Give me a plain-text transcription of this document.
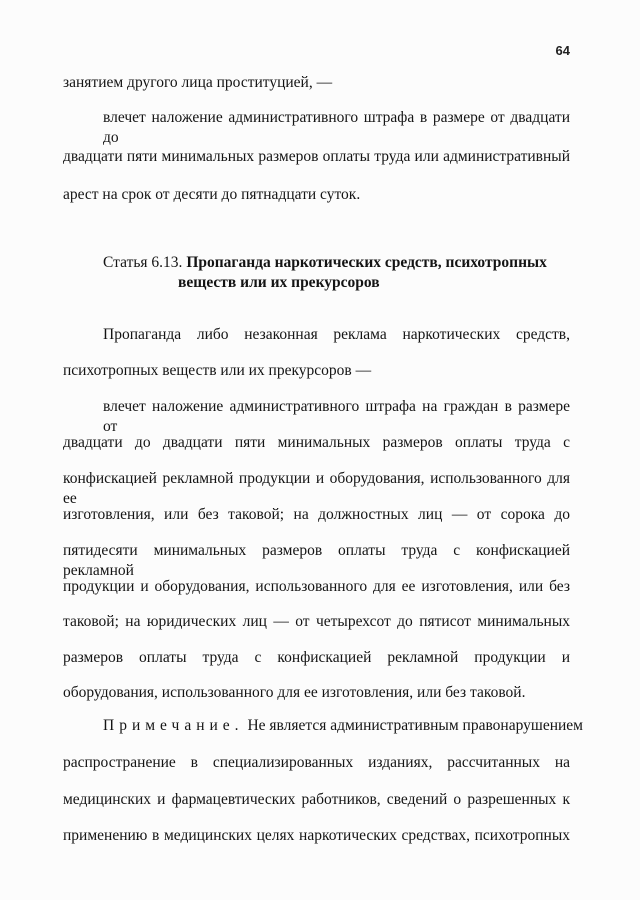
64

занятием другого лица проституцией, —

влечет наложение административного штрафа в размере от двадцати до

двадцати пяти минимальных размеров оплаты труда или административный

арест на срок от десяти до пятнадцати суток.

Статья 6.13. Пропаганда наркотических средств, психотропных

веществ или их прекурсоров

Пропаганда либо незаконная реклама наркотических средств,

психотропных веществ или их прекурсоров —

влечет наложение административного штрафа на граждан в размере от

двадцати до двадцати пяти минимальных размеров оплаты труда с

конфискацией рекламной продукции и оборудования, использованного для ее

изготовления, или без таковой; на должностных лиц — от сорока до

пятидесяти минимальных размеров оплаты труда с конфискацией рекламной

продукции и оборудования, использованного для ее изготовления, или без

таковой; на юридических лиц — от четырехсот до пятисот минимальных

размеров оплаты труда с конфискацией рекламной продукции и

оборудования, использованного для ее изготовления, или без таковой.

Примечание. Не является административным правонарушением

распространение в специализированных изданиях, рассчитанных на

медицинских и фармацевтических работников, сведений о разрешенных к

применению в медицинских целях наркотических средствах, психотропных
